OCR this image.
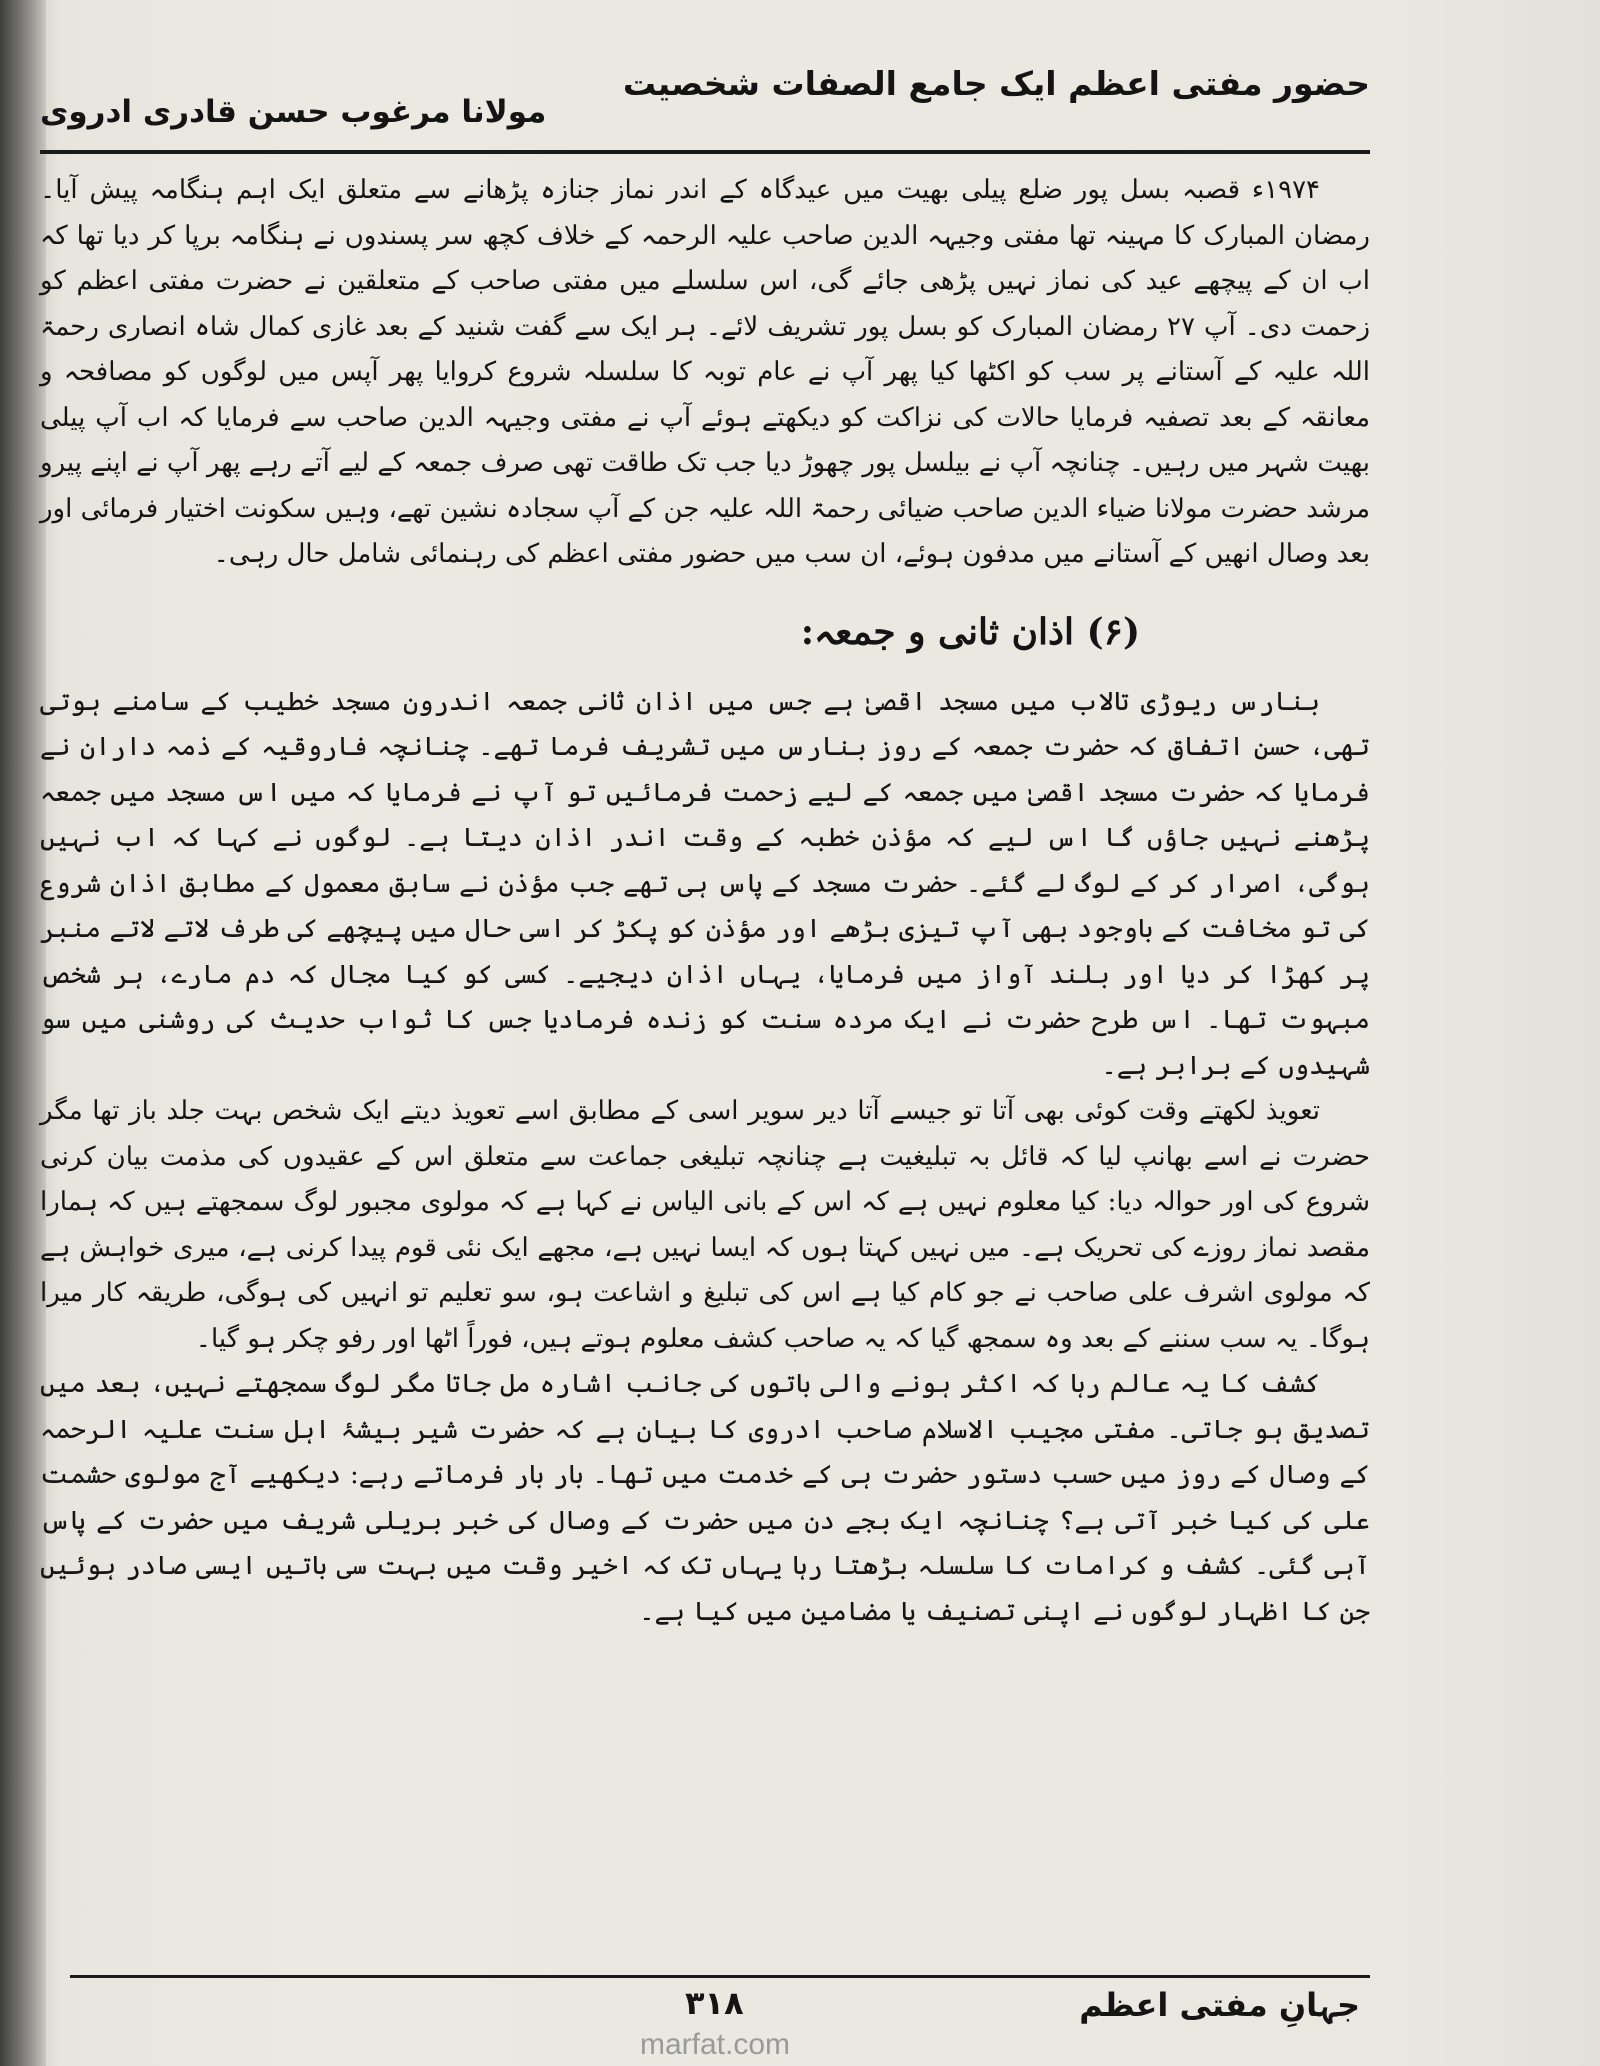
حضور مفتی اعظم ایک جامع الصفات شخصیت
مولانا مرغوب حسن قادری ادروی

۱۹۷۴ء قصبہ بسل پور ضلع پیلی بھیت میں عیدگاہ کے اندر نماز جنازہ پڑھانے سے متعلق ایک اہم ہنگامہ پیش آیا۔ رمضان المبارک کا مہینہ تھا مفتی وجیہہ الدین صاحب علیہ الرحمہ کے خلاف کچھ سر پسندوں نے ہنگامہ برپا کر دیا تھا کہ اب ان کے پیچھے عید کی نماز نہیں پڑھی جائے گی، اس سلسلے میں مفتی صاحب کے متعلقین نے حضرت مفتی اعظم کو زحمت دی۔ آپ ۲۷ رمضان المبارک کو بسل پور تشریف لائے۔ ہر ایک سے گفت شنید کے بعد غازی کمال شاہ انصاری رحمۃ اللہ علیہ کے آستانے پر سب کو اکٹھا کیا پھر آپ نے عام توبہ کا سلسلہ شروع کروایا پھر آپس میں لوگوں کو مصافحہ و معانقہ کے بعد تصفیہ فرمایا حالات کی نزاکت کو دیکھتے ہوئے آپ نے مفتی وجیہہ الدین صاحب سے فرمایا کہ اب آپ پیلی بھیت شہر میں رہیں۔ چنانچہ آپ نے بیلسل پور چھوڑ دیا جب تک طاقت تھی صرف جمعہ کے لیے آتے رہے پھر آپ نے اپنے پیرو مرشد حضرت مولانا ضیاء الدین صاحب ضیائی رحمۃ اللہ علیہ جن کے آپ سجادہ نشین تھے، وہیں سکونت اختیار فرمائی اور بعد وصال انھیں کے آستانے میں مدفون ہوئے، ان سب میں حضور مفتی اعظم کی رہنمائی شامل حال رہی۔

(۶) اذان ثانی و جمعہ:

بنارس ریوڑی تالاب میں مسجد اقصیٰ ہے جس میں اذان ثانی جمعہ اندرون مسجد خطیب کے سامنے ہوتی تھی، حسن اتفاق کہ حضرت جمعہ کے روز بنارس میں تشریف فرما تھے۔ چنانچہ فاروقیہ کے ذمہ داران نے فرمایا کہ حضرت مسجد اقصیٰ میں جمعہ کے لیے زحمت فرمائیں تو آپ نے فرمایا کہ میں اس مسجد میں جمعہ پڑھنے نہیں جاؤں گا اس لیے کہ مؤذن خطبہ کے وقت اندر اذان دیتا ہے۔ لوگوں نے کہا کہ اب نہیں ہوگی، اصرار کر کے لوگ لے گئے۔ حضرت مسجد کے پاس ہی تھے جب مؤذن نے سابق معمول کے مطابق اذان شروع کی تو مخافت کے باوجود بھی آپ تیزی بڑھے اور مؤذن کو پکڑ کر اسی حال میں پیچھے کی طرف لاتے لاتے منبر پر کھڑا کر دیا اور بلند آواز میں فرمایا، یہاں اذان دیجیے۔ کسی کو کیا مجال کہ دم مارے، ہر شخص مبہوت تھا۔ اس طرح حضرت نے ایک مردہ سنت کو زندہ فرمادیا جس کا ثواب حدیث کی روشنی میں سو شہیدوں کے برابر ہے۔

تعویذ لکھتے وقت کوئی بھی آتا تو جیسے آتا دیر سویر اسی کے مطابق اسے تعویذ دیتے ایک شخص بہت جلد باز تھا مگر حضرت نے اسے بھانپ لیا کہ قائل بہ تبلیغیت ہے چنانچہ تبلیغی جماعت سے متعلق اس کے عقیدوں کی مذمت بیان کرنی شروع کی اور حوالہ دیا: کیا معلوم نہیں ہے کہ اس کے بانی الیاس نے کہا ہے کہ مولوی مجبور لوگ سمجھتے ہیں کہ ہمارا مقصد نماز روزے کی تحریک ہے۔ میں نہیں کہتا ہوں کہ ایسا نہیں ہے، مجھے ایک نئی قوم پیدا کرنی ہے، میری خواہش ہے کہ مولوی اشرف علی صاحب نے جو کام کیا ہے اس کی تبلیغ و اشاعت ہو، سو تعلیم تو انہیں کی ہوگی، طریقہ کار میرا ہوگا۔ یہ سب سننے کے بعد وہ سمجھ گیا کہ یہ صاحب کشف معلوم ہوتے ہیں، فوراً اٹھا اور رفو چکر ہو گیا۔

کشف کا یہ عالم رہا کہ اکثر ہونے والی باتوں کی جانب اشارہ مل جاتا مگر لوگ سمجھتے نہیں، بعد میں تصدیق ہو جاتی۔ مفتی مجیب الاسلام صاحب ادروی کا بیان ہے کہ حضرت شیر بیشۂ اہل سنت علیہ الرحمہ کے وصال کے روز میں حسب دستور حضرت ہی کے خدمت میں تھا۔ بار بار فرماتے رہے: دیکھیے آج مولوی حشمت علی کی کیا خبر آتی ہے؟ چنانچہ ایک بجے دن میں حضرت کے وصال کی خبر بریلی شریف میں حضرت کے پاس آہی گئی۔ کشف و کرامات کا سلسلہ بڑھتا رہا یہاں تک کہ اخیر وقت میں بہت سی باتیں ایسی صادر ہوئیں جن کا اظہار لوگوں نے اپنی تصنیف یا مضامین میں کیا ہے۔

۳۱۸	جہانِ مفتی اعظم
marfat.com
